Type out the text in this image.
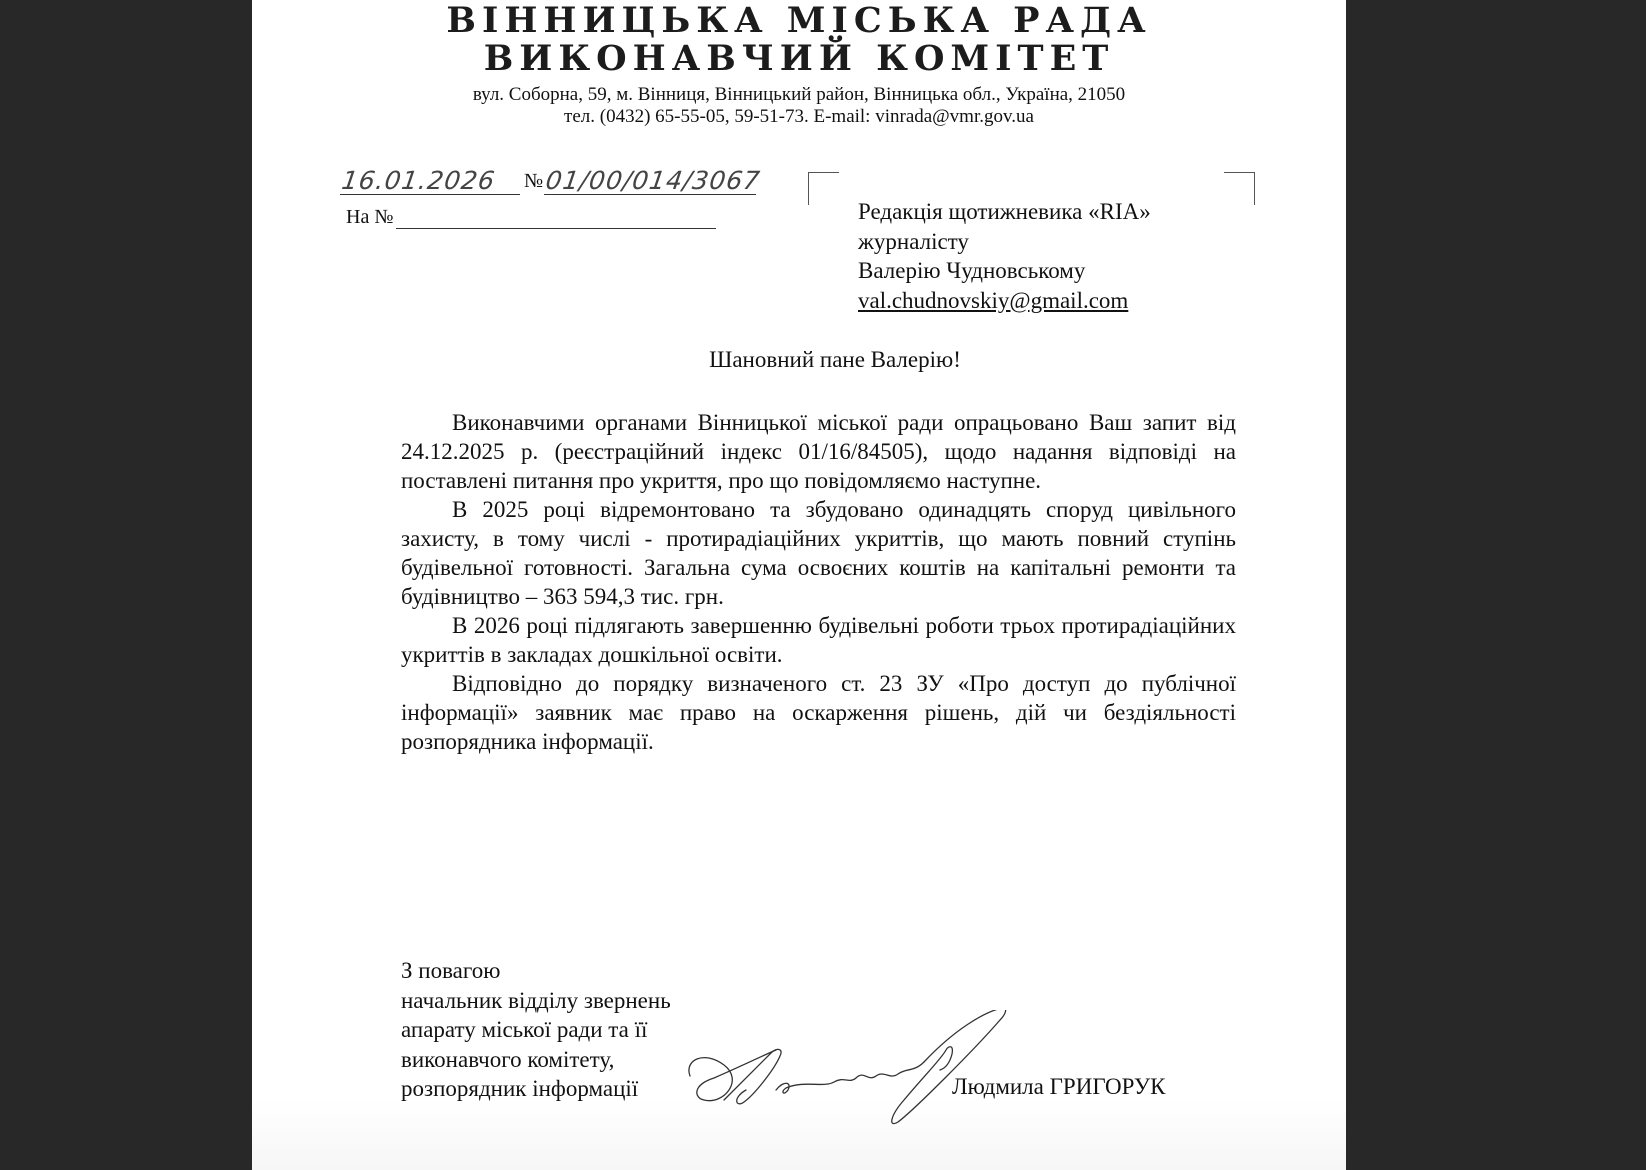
ВІННИЦЬКА МІСЬКА РАДА
ВИКОНАВЧИЙ КОМІТЕТ
вул. Соборна, 59, м. Вінниця, Вінницький район, Вінницька обл., Україна, 21050
тел. (0432) 65-55-05, 59-51-73. E-mail: vinrada@vmr.gov.ua
16.01.2026	№ 01/00/014/3067
На №	Редакція щотижневика «RIA»
журналісту
Валерію Чудновському
val.chudnovskiy@gmail.com
Шановний пане Валерію!

Виконавчими органами Вінницької міської ради опрацьовано Ваш запит від 24.12.2025 р. (реєстраційний індекс 01/16/84505), щодо надання відповіді на поставлені питання про укриття, про що повідомляємо наступне.

В 2025 році відремонтовано та збудовано одинадцять споруд цивільного захисту, в тому числі - протирадіаційних укриттів, що мають повний ступінь будівельної готовності. Загальна сума освоєних коштів на капітальні ремонти та будівництво – 363 594,3 тис. грн.

В 2026 році підлягають завершенню будівельні роботи трьох протирадіаційних укриттів в закладах дошкільної освіти.

Відповідно до порядку визначеного ст. 23 ЗУ «Про доступ до публічної інформації» заявник має право на оскарження рішень, дій чи бездіяльності розпорядника інформації.

З повагою
начальник відділу звернень
апарату міської ради та її
виконавчого комітету,
розпорядник інформації	Людмила ГРИГОРУК
